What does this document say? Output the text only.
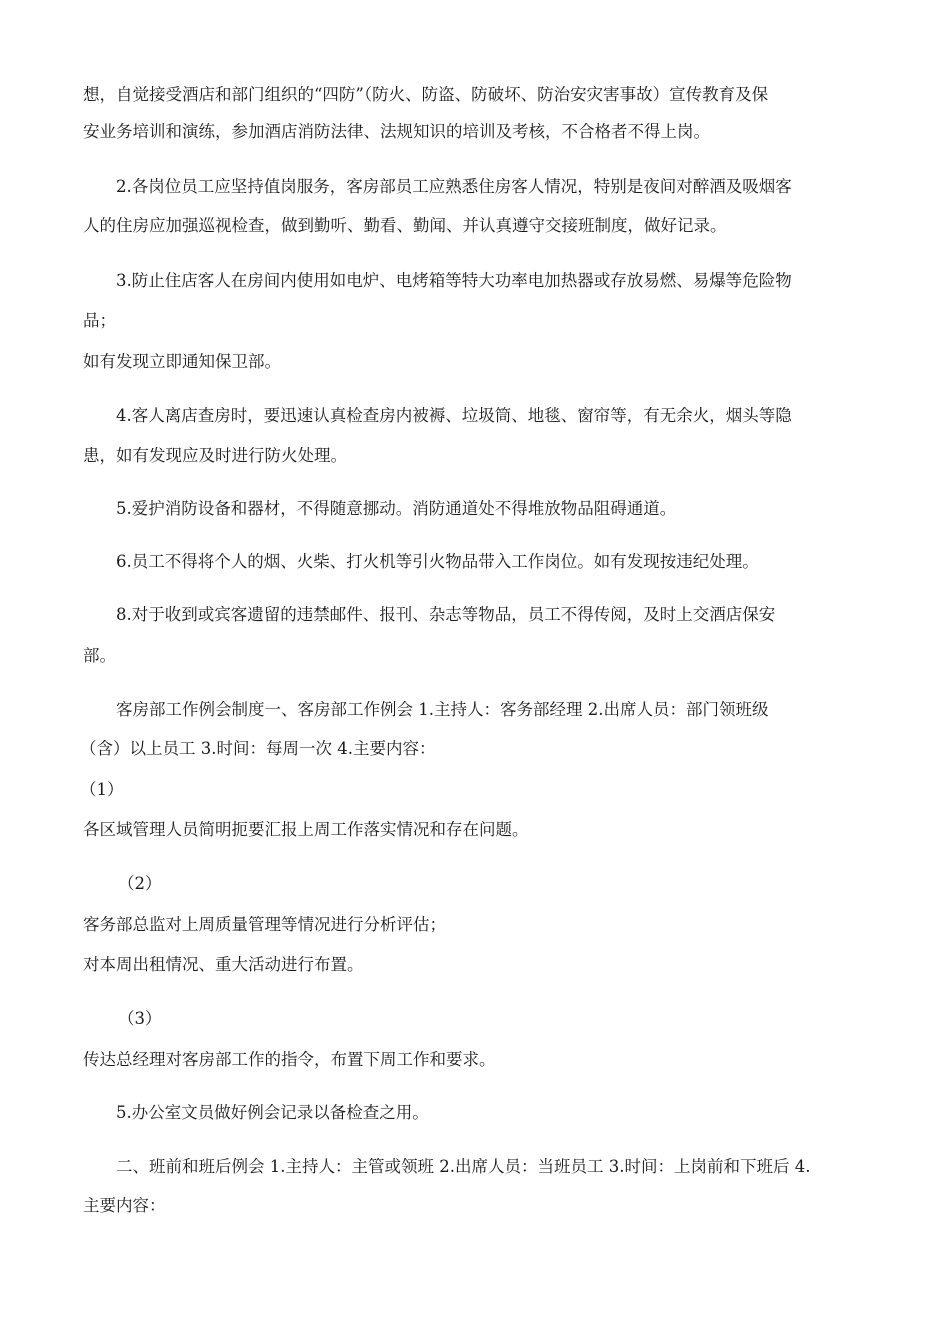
想，自觉接受酒店和部门组织的“四防”（防火、防盗、防破坏、防治安灾害事故）宣传教育及保
安业务培训和演练，参加酒店消防法律、法规知识的培训及考核，不合格者不得上岗。
2.各岗位员工应坚持值岗服务，客房部员工应熟悉住房客人情况，特别是夜间对醉酒及吸烟客
人的住房应加强巡视检查，做到勤听、勤看、勤闻、并认真遵守交接班制度，做好记录。
3.防止住店客人在房间内使用如电炉、电烤箱等特大功率电加热器或存放易燃、易爆等危险物
品；
如有发现立即通知保卫部。
4.客人离店查房时，要迅速认真检查房内被褥、垃圾筒、地毯、窗帘等，有无余火，烟头等隐
患，如有发现应及时进行防火处理。
5.爱护消防设备和器材，不得随意挪动。消防通道处不得堆放物品阻碍通道。
6.员工不得将个人的烟、火柴、打火机等引火物品带入工作岗位。如有发现按违纪处理。
8.对于收到或宾客遗留的违禁邮件、报刊、杂志等物品，员工不得传阅，及时上交酒店保安
部。
客房部工作例会制度一、客房部工作例会 1.主持人：客务部经理 2.出席人员：部门领班级
（含）以上员工 3.时间：每周一次 4.主要内容：
（1）
各区域管理人员简明扼要汇报上周工作落实情况和存在问题。
（2）
客务部总监对上周质量管理等情况进行分析评估；
对本周出租情况、重大活动进行布置。
（3）
传达总经理对客房部工作的指令，布置下周工作和要求。
5.办公室文员做好例会记录以备检查之用。
二、班前和班后例会 1.主持人：主管或领班 2.出席人员：当班员工 3.时间：上岗前和下班后 4.
主要内容：
